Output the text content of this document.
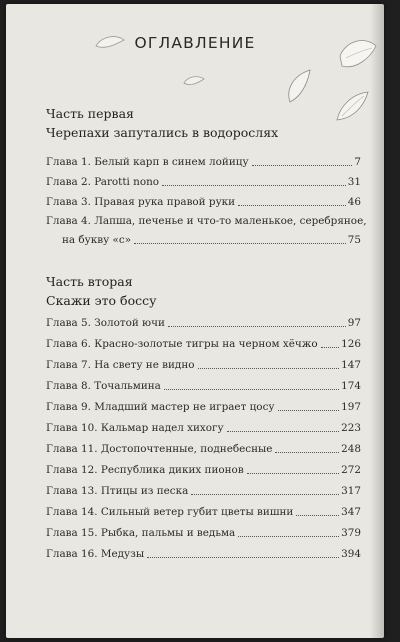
ОГЛАВЛЕНИЕ
Часть первая
Черепахи запутались в водорослях
Глава 1. Белый карп в синем лойицу	7
Глава 2. Parotti nono	31
Глава 3. Правая рука правой руки	46
Глава 4. Лапша, печенье и что-то маленькое, серебряное,
на букву «с»	75
Часть вторая
Скажи это боссу
Глава 5. Золотой ючи	97
Глава 6. Красно-золотые тигры на черном хёчжо 126
Глава 7. На свету не видно	147
Глава 8. Точальмина	174
Глава 9. Младший мастер не играет цосу	197
Глава 10. Кальмар надел хихогу	223
Глава 11. Достопочтенные, поднебесные	248
Глава 12. Республика диких пионов	272
Глава 13. Птицы из песка	317
Глава 14. Сильный ветер губит цветы вишни	347
Глава 15. Рыбка, пальмы и ведьма	379
Глава 16. Медузы	394
